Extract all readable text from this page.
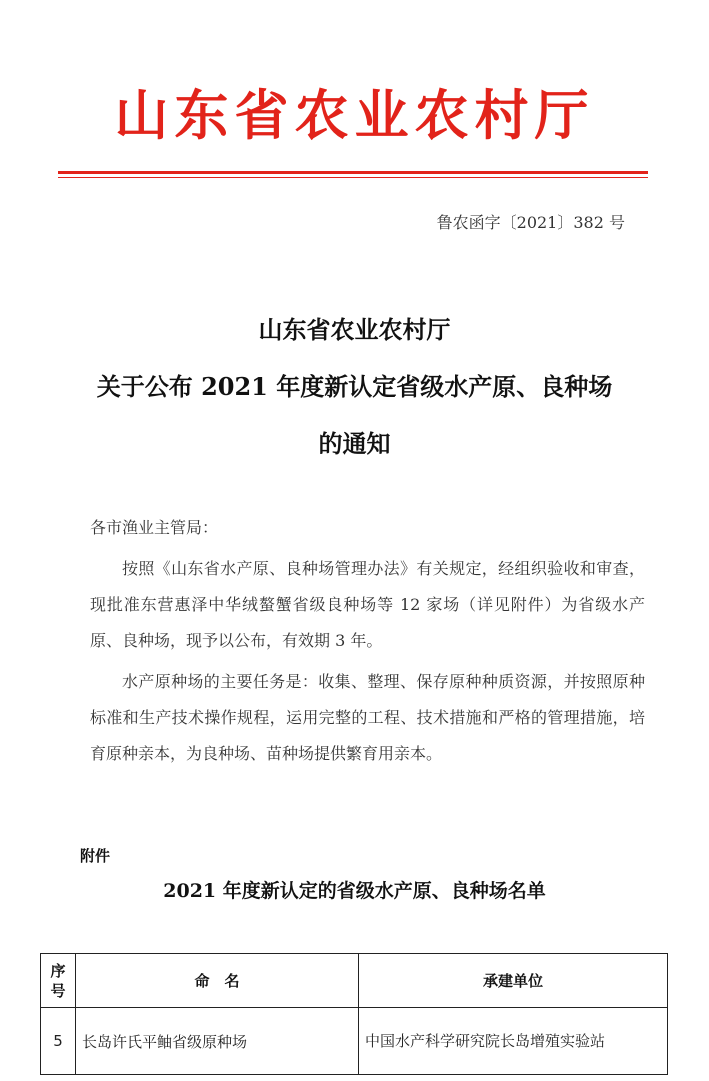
山东省农业农村厅
鲁农函字〔2021〕382 号
山东省农业农村厅
关于公布 2021 年度新认定省级水产原、良种场
的通知
各市渔业主管局：
按照《山东省水产原、良种场管理办法》有关规定，经组织验收和审查，现批准东营惠泽中华绒螯蟹省级良种场等 12 家场（详见附件）为省级水产原、良种场，现予以公布，有效期 3 年。
水产原种场的主要任务是：收集、整理、保存原种种质资源，并按照原种标准和生产技术操作规程，运用完整的工程、技术措施和严格的管理措施，培育原种亲本，为良种场、苗种场提供繁育用亲本。
附件
2021 年度新认定的省级水产原、良种场名单
序号	命　名	承建单位
5	长岛许氏平鲉省级原种场	中国水产科学研究院长岛增殖实验站
